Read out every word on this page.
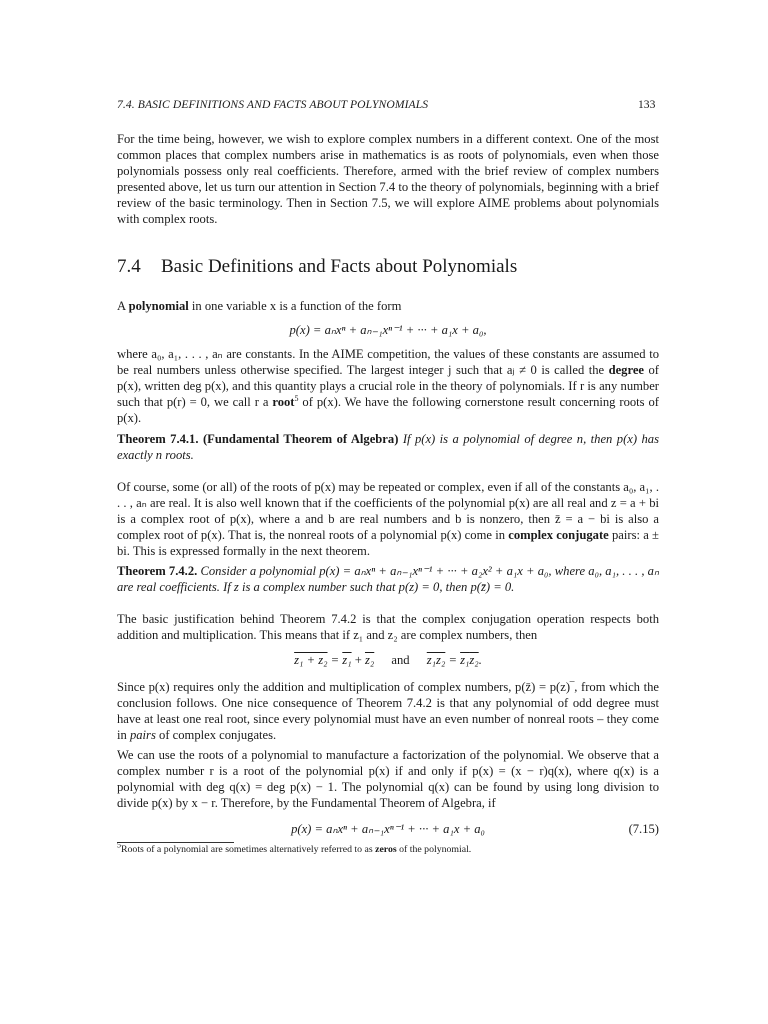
7.4. BASIC DEFINITIONS AND FACTS ABOUT POLYNOMIALS	133
For the time being, however, we wish to explore complex numbers in a different context. One of the most common places that complex numbers arise in mathematics is as roots of polynomials, even when those polynomials possess only real coefficients. Therefore, armed with the brief review of complex numbers presented above, let us turn our attention in Section 7.4 to the theory of polynomials, beginning with a brief review of the basic terminology. Then in Section 7.5, we will explore AIME problems about polynomials with complex roots.
7.4 Basic Definitions and Facts about Polynomials
A polynomial in one variable x is a function of the form
p(x) = aₙxⁿ + aₙ₋₁xⁿ⁻¹ + ··· + a₁x + a₀,
where a₀, a₁, . . . , aₙ are constants. In the AIME competition, the values of these constants are assumed to be real numbers unless otherwise specified. The largest integer j such that aⱼ ≠ 0 is called the degree of p(x), written deg p(x), and this quantity plays a crucial role in the theory of polynomials. If r is any number such that p(r) = 0, we call r a root$^5$ of p(x). We have the following cornerstone result concerning roots of p(x).
Theorem 7.4.1. (Fundamental Theorem of Algebra) If p(x) is a polynomial of degree n, then p(x) has exactly n roots.
Of course, some (or all) of the roots of p(x) may be repeated or complex, even if all of the constants a₀, a₁, . . . , aₙ are real. It is also well known that if the coefficients of the polynomial p(x) are all real and z = a + bi is a complex root of p(x), where a and b are real numbers and b is nonzero, then z̄ = a − bi is also a complex root of p(x). That is, the nonreal roots of a polynomial p(x) come in complex conjugate pairs: a ± bi. This is expressed formally in the next theorem.
Theorem 7.4.2. Consider a polynomial p(x) = aₙxⁿ + aₙ₋₁xⁿ⁻¹ + ··· + a₂x² + a₁x + a₀, where a₀, a₁, . . . , aₙ are real coefficients. If z is a complex number such that p(z) = 0, then p(z̄) = 0.
The basic justification behind Theorem 7.4.2 is that the complex conjugation operation respects both addition and multiplication. This means that if z₁ and z₂ are complex numbers, then
z₁ + z₂ = z₁ + z₂ and z₁z₂ = z₁z₂.
Since p(x) requires only the addition and multiplication of complex numbers, p(z̄) = p(z)‾, from which the conclusion follows. One nice consequence of Theorem 7.4.2 is that any polynomial of odd degree must have at least one real root, since every polynomial must have an even number of nonreal roots – they come in pairs of complex conjugates.
We can use the roots of a polynomial to manufacture a factorization of the polynomial. We observe that a complex number r is a root of the polynomial p(x) if and only if p(x) = (x − r)q(x), where q(x) is a polynomial with deg q(x) = deg p(x) − 1. The polynomial q(x) can be found by using long division to divide p(x) by x − r. Therefore, by the Fundamental Theorem of Algebra, if
p(x) = aₙxⁿ + aₙ₋₁xⁿ⁻¹ + ··· + a₁x + a₀	(7.15)
$^5$Roots of a polynomial are sometimes alternatively referred to as zeros of the polynomial.
